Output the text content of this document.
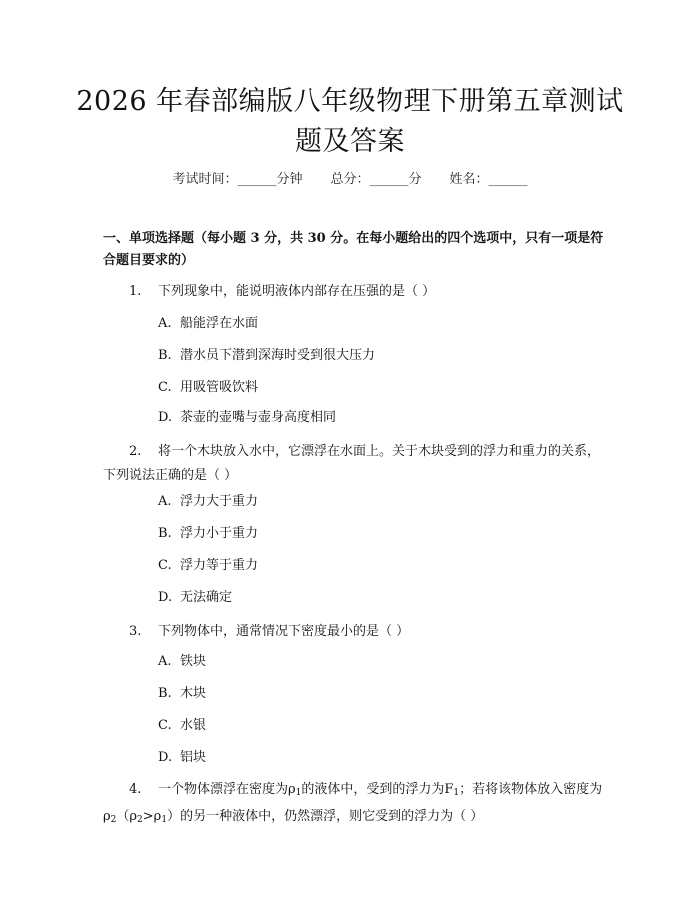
2026 年春部编版八年级物理下册第五章测试
题及答案
考试时间：______分钟 总分：______分 姓名：______
一、单项选择题（每小题 3 分，共 30 分。在每小题给出的四个选项中，只有一项是符合题目要求的）
1. 下列现象中，能说明液体内部存在压强的是（ ）
A. 船能浮在水面
B. 潜水员下潜到深海时受到很大压力
C. 用吸管吸饮料
D. 茶壶的壶嘴与壶身高度相同
2. 将一个木块放入水中，它漂浮在水面上。关于木块受到的浮力和重力的关系，下列说法正确的是（ ）
A. 浮力大于重力
B. 浮力小于重力
C. 浮力等于重力
D. 无法确定
3. 下列物体中，通常情况下密度最小的是（ ）
A. 铁块
B. 木块
C. 水银
D. 铝块
4. 一个物体漂浮在密度为$\rho_1$的液体中，受到的浮力为$F_1$；若将该物体放入密度为$\rho_2(\rho_2>\rho_1)$的另一种液体中，仍然漂浮，则它受到的浮力为（ ）
